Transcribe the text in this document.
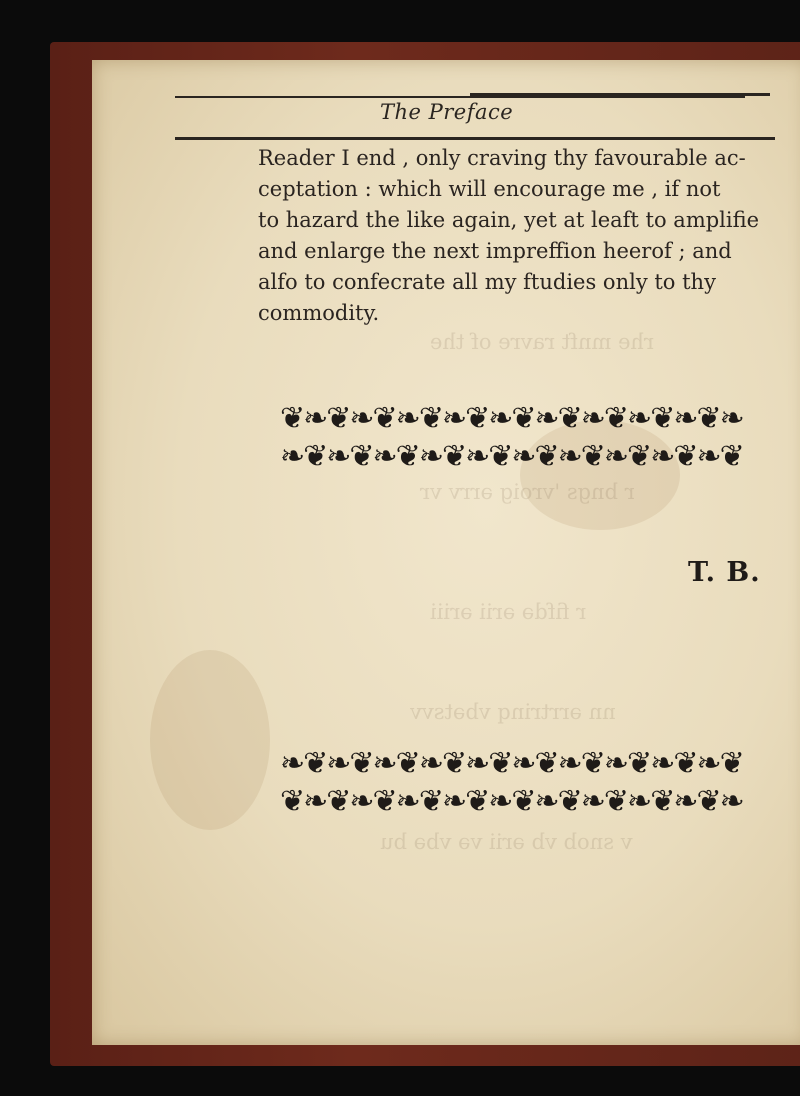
rhe mnft ravre of the
r bngs 'vroig ərrv vr
r fifdə ərii əriii
nn ərrtrinq vbətsvv
v snob vb ərii və vbə bu
The Preface
Reader I end , only craving thy favourable ac-
ceptation : which will encourage me , if not
to hazard the like again, yet at leaft to amplifie
and enlarge the next impreffion heerof ; and
alfo to confecrate all my ftudies only to thy
commodity.
❦❧❦❧❦❧❦❧❦❧❦❧❦❧❦❧❦❧❦❧
❧❦❧❦❧❦❧❦❧❦❧❦❧❦❧❦❧❦❧❦
T. B.
❧❦❧❦❧❦❧❦❧❦❧❦❧❦❧❦❧❦❧❦
❦❧❦❧❦❧❦❧❦❧❦❧❦❧❦❧❦❧❦❧
